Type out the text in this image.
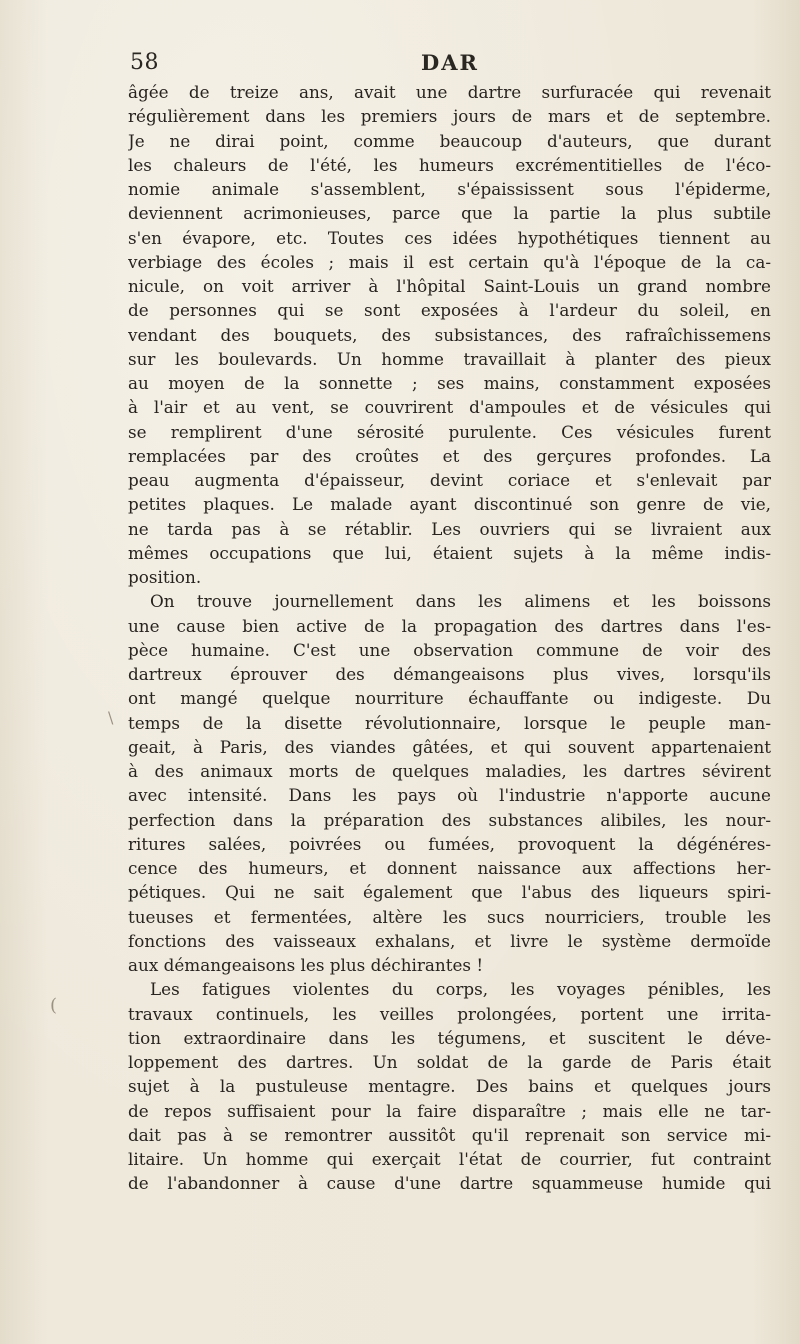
58	DAR
âgée de treize ans, avait une dartre surfuracée qui revenait
régulièrement dans les premiers jours de mars et de septembre.
Je ne dirai point, comme beaucoup d'auteurs, que durant
les chaleurs de l'été, les humeurs excrémentitielles de l'éco-
nomie animale s'assemblent, s'épaississent sous l'épiderme,
deviennent acrimonieuses, parce que la partie la plus subtile
s'en évapore, etc. Toutes ces idées hypothétiques tiennent au
verbiage des écoles ; mais il est certain qu'à l'époque de la ca-
nicule, on voit arriver à l'hôpital Saint-Louis un grand nombre
de personnes qui se sont exposées à l'ardeur du soleil, en
vendant des bouquets, des subsistances, des rafraîchissemens
sur les boulevards. Un homme travaillait à planter des pieux
au moyen de la sonnette ; ses mains, constamment exposées
à l'air et au vent, se couvrirent d'ampoules et de vésicules qui
se remplirent d'une sérosité purulente. Ces vésicules furent
remplacées par des croûtes et des gerçures profondes. La
peau augmenta d'épaisseur, devint coriace et s'enlevait par
petites plaques. Le malade ayant discontinué son genre de vie,
ne tarda pas à se rétablir. Les ouvriers qui se livraient aux
mêmes occupations que lui, étaient sujets à la même indis-
position.
On trouve journellement dans les alimens et les boissons
une cause bien active de la propagation des dartres dans l'es-
pèce humaine. C'est une observation commune de voir des
dartreux éprouver des démangeaisons plus vives, lorsqu'ils
ont mangé quelque nourriture échauffante ou indigeste. Du
temps de la disette révolutionnaire, lorsque le peuple man-
geait, à Paris, des viandes gâtées, et qui souvent appartenaient
à des animaux morts de quelques maladies, les dartres sévirent
avec intensité. Dans les pays où l'industrie n'apporte aucune
perfection dans la préparation des substances alibiles, les nour-
ritures salées, poivrées ou fumées, provoquent la dégénéres-
cence des humeurs, et donnent naissance aux affections her-
pétiques. Qui ne sait également que l'abus des liqueurs spiri-
tueuses et fermentées, altère les sucs nourriciers, trouble les
fonctions des vaisseaux exhalans, et livre le système dermoïde
aux démangeaisons les plus déchirantes !
Les fatigues violentes du corps, les voyages pénibles, les
travaux continuels, les veilles prolongées, portent une irrita-
tion extraordinaire dans les tégumens, et suscitent le déve-
loppement des dartres. Un soldat de la garde de Paris était
sujet à la pustuleuse mentagre. Des bains et quelques jours
de repos suffisaient pour la faire disparaître ; mais elle ne tar-
dait pas à se remontrer aussitôt qu'il reprenait son service mi-
litaire. Un homme qui exerçait l'état de courrier, fut contraint
de l'abandonner à cause d'une dartre squammeuse humide qui
(
\
